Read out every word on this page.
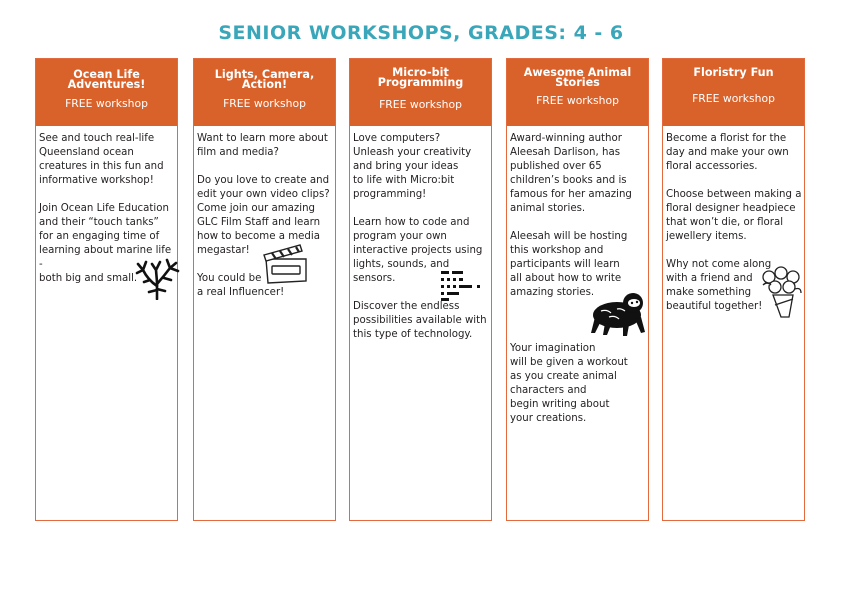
SENIOR WORKSHOPS, GRADES: 4 - 6
Ocean Life Adventures!
FREE workshop
See and touch real-life
Queensland ocean
creatures in this fun and
informative workshop!

Join Ocean Life Education
and their “touch tanks”
for an engaging time of
learning about marine life -
both big and small.
Lights, Camera, Action!
FREE workshop
Want to learn more about
film and media?

Do you love to create and
edit your own video clips?
Come join our amazing
GLC Film Staff and learn
how to become a media
megastar!

You could be
a real Influencer!
Micro-bit Programming
FREE workshop
Love computers?
Unleash your creativity
and bring your ideas
to life with Micro:bit
programming!

Learn how to code and
program your own
interactive projects using
lights, sounds, and
sensors.

Discover the endless
possibilities available with
this type of technology.
Awesome Animal Stories
FREE workshop
Award-winning author
Aleesah Darlison, has
published over 65
children’s books and is
famous for her amazing
animal stories.

Aleesah will be hosting
this workshop and
participants will learn
all about how to write
amazing stories.

Your imagination
will be given a workout
as you create animal
characters and
begin writing about
your creations.
Floristry Fun
FREE workshop
Become a florist for the
day and make your own
floral accessories.

Choose between making a
floral designer headpiece
that won’t die, or floral
jewellery items.

Why not come along
with a friend and
make something
beautiful together!
